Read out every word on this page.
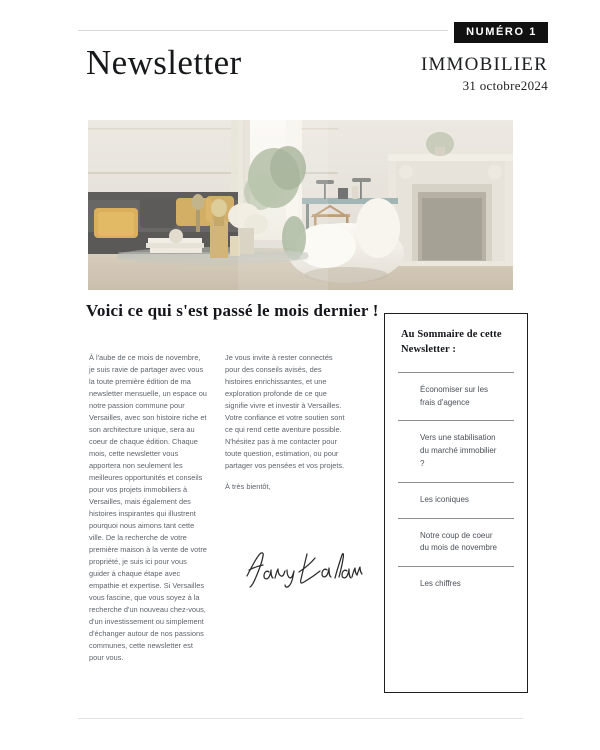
NUMÉRO 1
Newsletter	IMMOBILIER
31 octobre2024
Voici ce qui s'est passé le mois dernier !

À l'aube de ce mois de novembre, je suis ravie de partager avec vous la toute première édition de ma newsletter mensuelle, un espace ou notre passion commune pour Versailles, avec son histoire riche et son architecture unique, sera au coeur de chaque édition. Chaque mois, cette newsletter vous apportera non seulement les meilleures opportunités et conseils pour vos projets immobiliers à Versailles, mais également des histoires inspirantes qui illustrent pourquoi nous aimons tant cette ville. De la recherche de votre première maison à la vente de votre propriété, je suis ici pour vous guider à chaque étape avec empathie et expertise. Si Versailles vous fascine, que vous soyez à la recherche d'un nouveau chez-vous, d'un investissement ou simplement d'échanger autour de nos passions communes, cette newsletter est pour vous.

Je vous invite à rester connectés pour des conseils avisés, des histoires enrichissantes, et une exploration profonde de ce que signifie vivre et investir à Versailles. Votre confiance et votre soutien sont ce qui rend cette aventure possible. N'hésitez pas à me contacter pour toute question, estimation, ou pour partager vos pensées et vos projets.

À très bientôt,

Au Sommaire de cette Newsletter :
Économiser sur les frais d'agence
Vers une stabilisation du marché immobilier ?
Les iconiques
Notre coup de coeur du mois de novembre
Les chiffres
